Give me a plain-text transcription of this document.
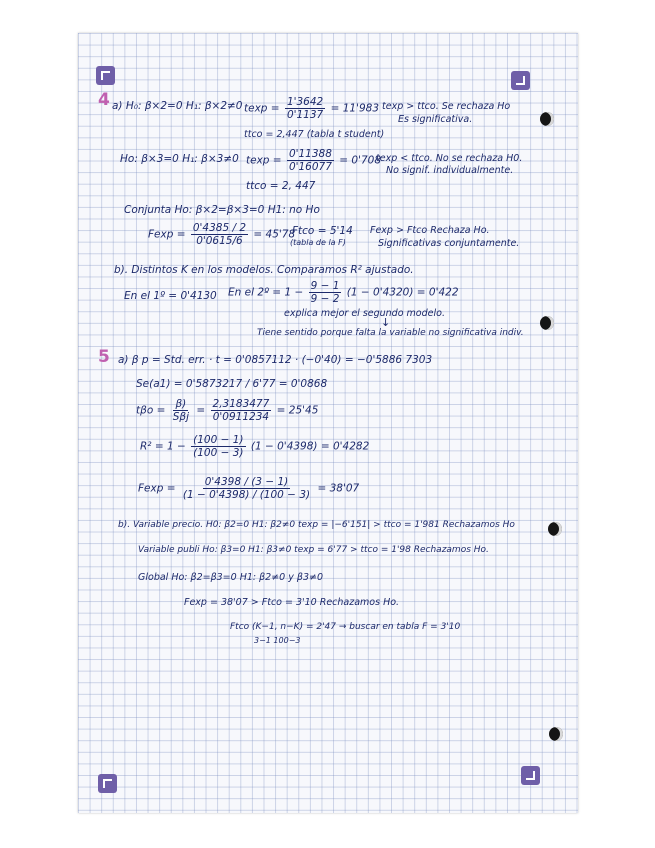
4 a) H₀: β×2=0 H₁: β×2≠0 $texp = \frac{1'3642}{0'1137} = 11'983$ texp > ttco. Se rechaza Ho
Es significativa.
ttco = 2,447 (tabla t student)
Ho: β×3=0 H₁: β×3≠0 $texp = \frac{0'11388}{0'16077} = 0'708$
texp < ttco. No se rechaza H0.
No signif. individualmente.
ttco = 2, 447
Conjunta Ho: β×2=β×3=0 H1: no Ho
$Fexp = \frac{0'4385 / 2}{0'0615/6} = 45'78$
Ftco = 5'14
(tabla de la F)
Fexp > Ftco Rechaza Ho.
Significativas conjuntamente.
b). Distintos K en los modelos. Comparamos R² ajustado.
En el 1º = 0'4130 En el 2º = $1 - \frac{9 - 1}{9 - 2} (1 - 0'4320) = 0'422$
explica mejor el segundo modelo.
↓
Tiene sentido porque falta la variable no significativa indiv.
5 a) β p = Std. err. · t = 0'0857112 · (−0'40) = −0'5886 7303
Se(a1) = 0'5873217 / 6'77 = 0'0868
$t\beta o = \frac{\beta)}{\text{Sβj}} = \frac{2,3183477}{0'0911234} = 25'45$
$R^2 = 1 - \frac{(100 - 1)}{(100 - 3)} (1 - 0'4398) = 0'4282$
$Fexp = \frac{0'4398 / (3 - 1)}{(1 - 0'4398) / (100 - 3)} = 38'07$
b). Variable precio. H0: β2=0 H1: β2≠0 texp = |−6'151| > ttco = 1'981 Rechazamos Ho
Variable publi Ho: β3=0 H1: β3≠0 texp = 6'77 > ttco = 1'98 Rechazamos Ho.
Global Ho: β2=β3=0 H1: β2≠0 y β3≠0
Fexp = 38'07 > Ftco = 3'10 Rechazamos Ho.
Ftco (K−1, n−K) = 2'47 → buscar en tabla F = 3'10
3−1 100−3
